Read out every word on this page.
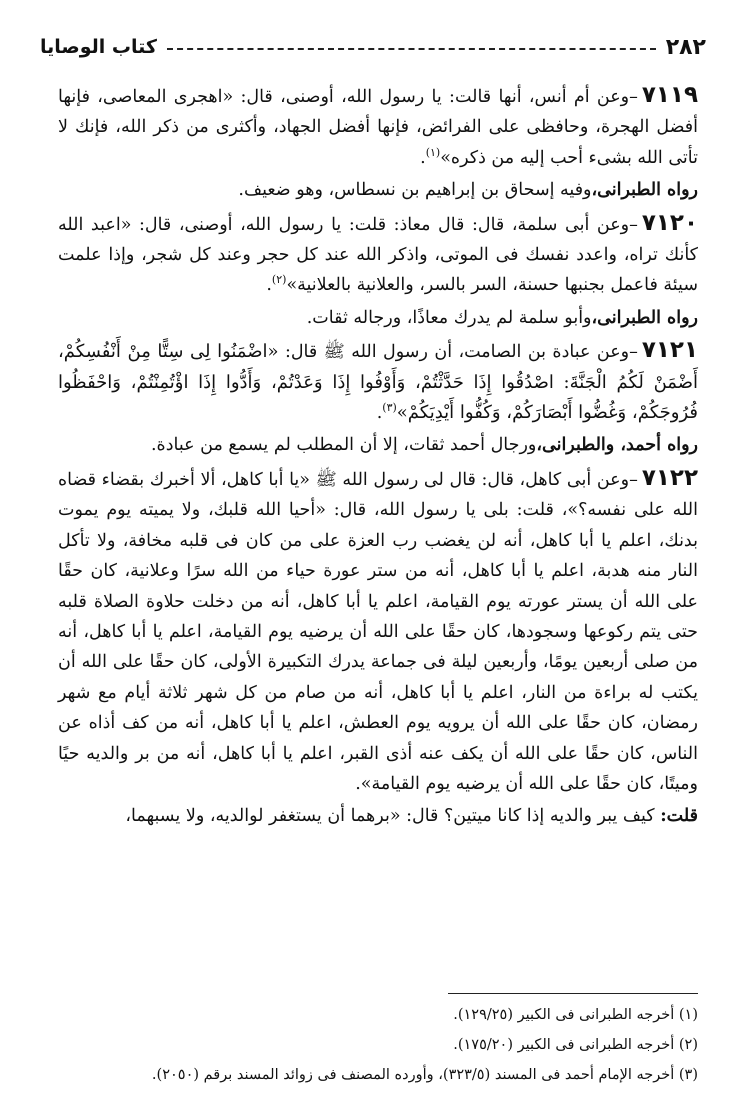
٢٨٢
كتاب الوصايا

٧١١٩–وعن أم أنس، أنها قالت: يا رسول الله، أوصنى، قال: «اهجرى المعاصى، فإنها أفضل الهجرة، وحافظى على الفرائض، فإنها أفضل الجهاد، وأكثرى من ذكر الله، فإنك لا تأتى الله بشىء أحب إليه من ذكره»$^{(١)}$.

رواه الطبرانى،وفيه إسحاق بن إبراهيم بن نسطاس، وهو ضعيف.

٧١٢٠–وعن أبى سلمة، قال: قال معاذ: قلت: يا رسول الله، أوصنى، قال: «اعبد الله كأنك تراه، واعدد نفسك فى الموتى، واذكر الله عند كل حجر وعند كل شجر، وإذا علمت سيئة فاعمل بجنبها حسنة، السر بالسر، والعلانية بالعلانية»$^{(٢)}$.

رواه الطبرانى،وأبو سلمة لم يدرك معاذًا، ورجاله ثقات.

٧١٢١–وعن عبادة بن الصامت، أن رسول الله ﷺ قال: «اضْمَنُوا لِى سِتًّا مِنْ أَنْفُسِكُمْ، أَضْمَنْ لَكُمُ الْجَنَّةَ: اصْدُقُوا إِذَا حَدَّثْتُمْ، وَأَوْفُوا إِذَا وَعَدْتُمْ، وَأَدُّوا إِذَا اؤْتُمِنْتُمْ، وَاحْفَظُوا فُرُوجَكُمْ، وَغُضُّوا أَبْصَارَكُمْ، وَكُفُّوا أَيْدِيَكُمْ»$^{(٣)}$.

رواه أحمد، والطبرانى،ورجال أحمد ثقات، إلا أن المطلب لم يسمع من عبادة.

٧١٢٢–وعن أبى كاهل، قال: قال لى رسول الله ﷺ «يا أبا كاهل، ألا أخبرك بقضاء قضاه الله على نفسه؟»، قلت: بلى يا رسول الله، قال: «أحيا الله قلبك، ولا يميته يوم يموت بدنك، اعلم يا أبا كاهل، أنه لن يغضب رب العزة على من كان فى قلبه مخافة، ولا تأكل النار منه هدبة، اعلم يا أبا كاهل، أنه من ستر عورة حياء من الله سرًا وعلانية، كان حقًا على الله أن يستر عورته يوم القيامة، اعلم يا أبا كاهل، أنه من دخلت حلاوة الصلاة قلبه حتى يتم ركوعها وسجودها، كان حقًا على الله أن يرضيه يوم القيامة، اعلم يا أبا كاهل، أنه من صلى أربعين يومًا، وأربعين ليلة فى جماعة يدرك التكبيرة الأولى، كان حقًا على الله أن يكتب له براءة من النار، اعلم يا أبا كاهل، أنه من صام من كل شهر ثلاثة أيام مع شهر رمضان، كان حقًا على الله أن يرويه يوم العطش، اعلم يا أبا كاهل، أنه من كف أذاه عن الناس، كان حقًا على الله أن يكف عنه أذى القبر، اعلم يا أبا كاهل، أنه من بر والديه حيًا وميتًا، كان حقًا على الله أن يرضيه يوم القيامة».

قلت: كيف يبر والديه إذا كانا ميتين؟ قال: «برهما أن يستغفر لوالديه، ولا يسبهما،

(١) أخرجه الطبرانى فى الكبير (١٢٩/٢٥).

(٢) أخرجه الطبرانى فى الكبير (١٧٥/٢٠).

(٣) أخرجه الإمام أحمد فى المسند (٣٢٣/٥)، وأورده المصنف فى زوائد المسند برقم (٢٠٥٠).
